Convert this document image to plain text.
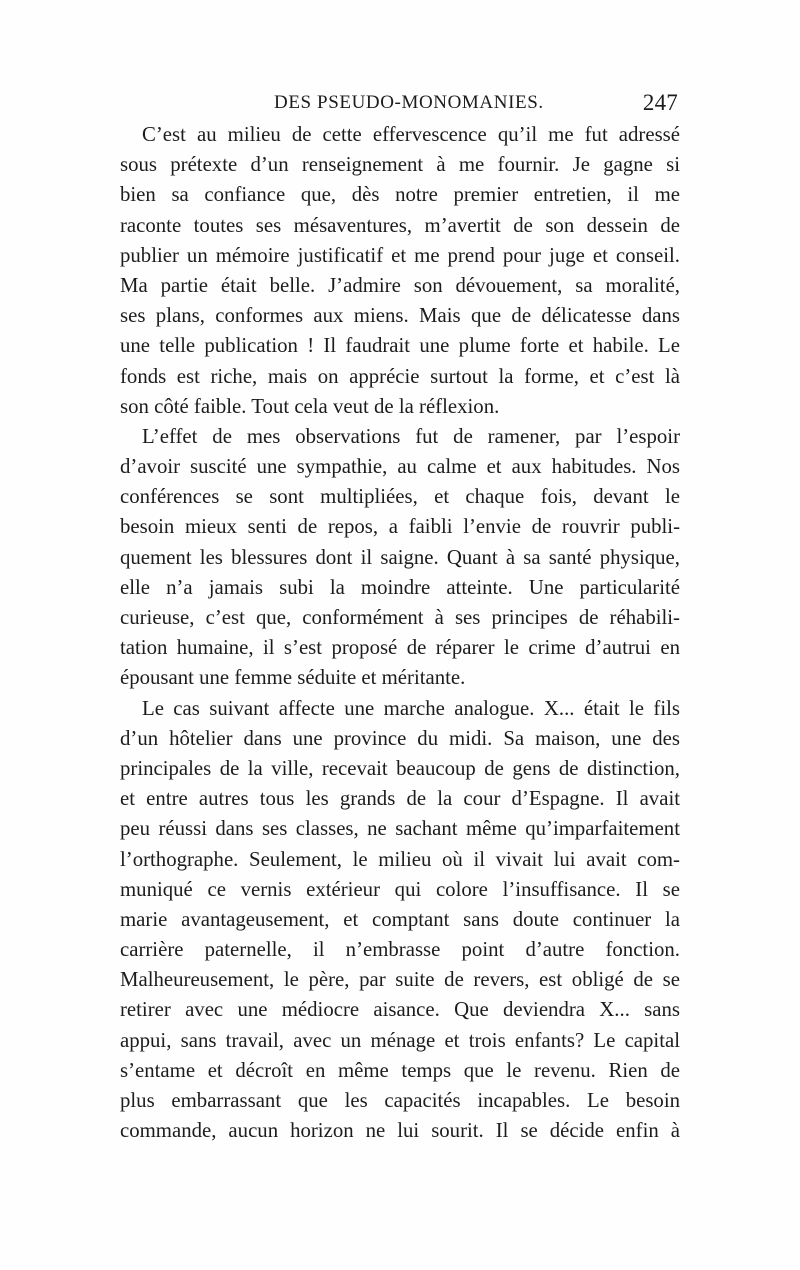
DES PSEUDO-MONOMANIES.	247
C’est au milieu de cette effervescence qu’il me fut adressé
sous prétexte d’un renseignement à me fournir. Je gagne si
bien sa confiance que, dès notre premier entretien, il me
raconte toutes ses mésaventures, m’avertit de son dessein de
publier un mémoire justificatif et me prend pour juge et conseil.
Ma partie était belle. J’admire son dévouement, sa moralité,
ses plans, conformes aux miens. Mais que de délicatesse dans
une telle publication ! Il faudrait une plume forte et habile. Le
fonds est riche, mais on apprécie surtout la forme, et c’est là
son côté faible. Tout cela veut de la réflexion.
L’effet de mes observations fut de ramener, par l’espoir
d’avoir suscité une sympathie, au calme et aux habitudes. Nos
conférences se sont multipliées, et chaque fois, devant le
besoin mieux senti de repos, a faibli l’envie de rouvrir publi-
quement les blessures dont il saigne. Quant à sa santé physique,
elle n’a jamais subi la moindre atteinte. Une particularité
curieuse, c’est que, conformément à ses principes de réhabili-
tation humaine, il s’est proposé de réparer le crime d’autrui en
épousant une femme séduite et méritante.
Le cas suivant affecte une marche analogue. X... était le fils
d’un hôtelier dans une province du midi. Sa maison, une des
principales de la ville, recevait beaucoup de gens de distinction,
et entre autres tous les grands de la cour d’Espagne. Il avait
peu réussi dans ses classes, ne sachant même qu’imparfaitement
l’orthographe. Seulement, le milieu où il vivait lui avait com-
muniqué ce vernis extérieur qui colore l’insuffisance. Il se
marie avantageusement, et comptant sans doute continuer la
carrière paternelle, il n’embrasse point d’autre fonction.
Malheureusement, le père, par suite de revers, est obligé de se
retirer avec une médiocre aisance. Que deviendra X... sans
appui, sans travail, avec un ménage et trois enfants? Le capital
s’entame et décroît en même temps que le revenu. Rien de
plus embarrassant que les capacités incapables. Le besoin
commande, aucun horizon ne lui sourit. Il se décide enfin à
